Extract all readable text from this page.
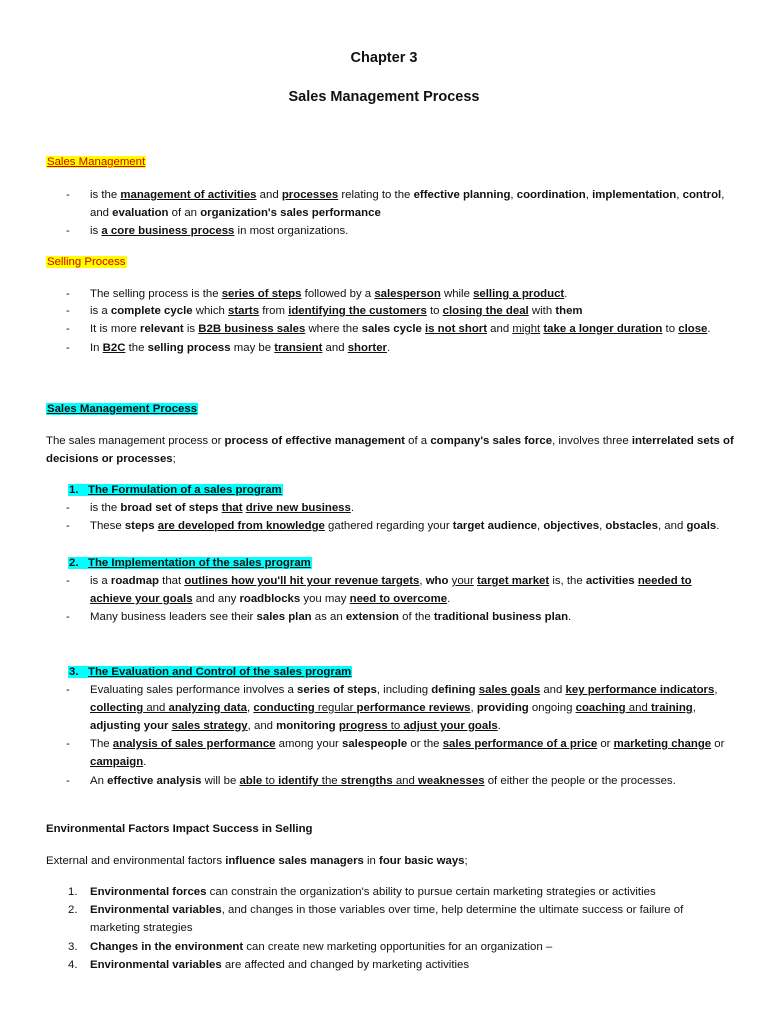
Chapter 3
Sales Management Process
Sales Management
- is the management of activities and processes relating to the effective planning, coordination, implementation, control,
and evaluation of an organization's sales performance
- is a core business process in most organizations.
Selling Process
- The selling process is the series of steps followed by a salesperson while selling a product.
- is a complete cycle which starts from identifying the customers to closing the deal with them
- It is more relevant is B2B business sales where the sales cycle is not short and might take a longer duration to close.
- In B2C the selling process may be transient and shorter.
Sales Management Process
The sales management process or process of effective management of a company's sales force, involves three interrelated sets of
decisions or processes;
1. The Formulation of a sales program
- is the broad set of steps that drive new business.
- These steps are developed from knowledge gathered regarding your target audience, objectives, obstacles, and goals.
2. The Implementation of the sales program
- is a roadmap that outlines how you'll hit your revenue targets, who your target market is, the activities needed to
achieve your goals and any roadblocks you may need to overcome.
- Many business leaders see their sales plan as an extension of the traditional business plan.
3. The Evaluation and Control of the sales program
- Evaluating sales performance involves a series of steps, including defining sales goals and key performance indicators,
collecting and analyzing data, conducting regular performance reviews, providing ongoing coaching and training,
adjusting your sales strategy, and monitoring progress to adjust your goals.
- The analysis of sales performance among your salespeople or the sales performance of a price or marketing change or
campaign.
- An effective analysis will be able to identify the strengths and weaknesses of either the people or the processes.
Environmental Factors Impact Success in Selling
External and environmental factors influence sales managers in four basic ways;
1. Environmental forces can constrain the organization's ability to pursue certain marketing strategies or activities
2. Environmental variables, and changes in those variables over time, help determine the ultimate success or failure of
marketing strategies
3. Changes in the environment can create new marketing opportunities for an organization –
4. Environmental variables are affected and changed by marketing activities
